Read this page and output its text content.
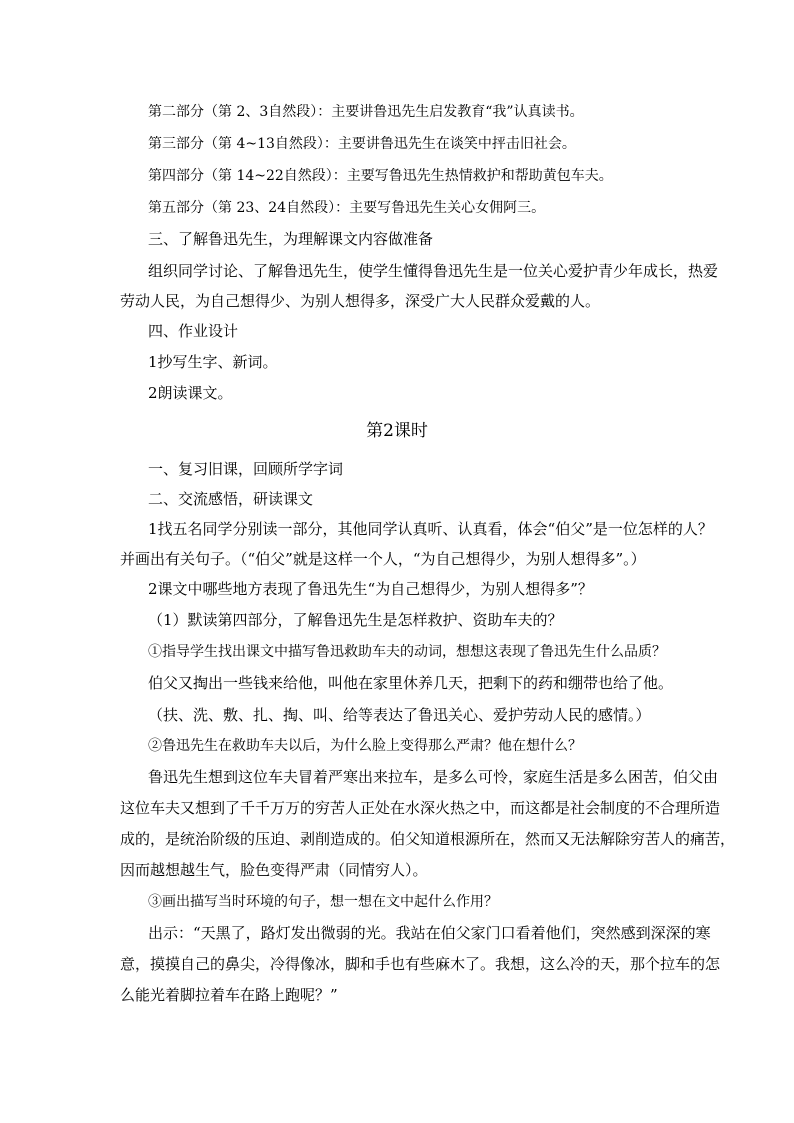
第二部分（第 2、3自然段）：主要讲鲁迅先生启发教育“我”认真读书。
第三部分（第 4~13自然段）：主要讲鲁迅先生在谈笑中抨击旧社会。
第四部分（第 14~22自然段）：主要写鲁迅先生热情救护和帮助黄包车夫。
第五部分（第 23、24自然段）：主要写鲁迅先生关心女佣阿三。
三、了解鲁迅先生，为理解课文内容做准备
组织同学讨论、了解鲁迅先生，使学生懂得鲁迅先生是一位关心爱护青少年成长，热爱
劳动人民，为自己想得少、为别人想得多，深受广大人民群众爱戴的人。
四、作业设计
1抄写生字、新词。
2朗读课文。
第2课时
一、复习旧课，回顾所学字词
二、交流感悟，研读课文
1找五名同学分别读一部分，其他同学认真听、认真看，体会“伯父”是一位怎样的人？
并画出有关句子。（“伯父”就是这样一个人，“为自己想得少，为别人想得多”。）
2课文中哪些地方表现了鲁迅先生“为自己想得少，为别人想得多”？
（1）默读第四部分，了解鲁迅先生是怎样救护、资助车夫的？
①指导学生找出课文中描写鲁迅救助车夫的动词，想想这表现了鲁迅先生什么品质？
伯父又掏出一些钱来给他，叫他在家里休养几天，把剩下的药和绷带也给了他。
（扶、洗、敷、扎、掏、叫、给等表达了鲁迅关心、爱护劳动人民的感情。）
②鲁迅先生在救助车夫以后，为什么脸上变得那么严肃？他在想什么？
鲁迅先生想到这位车夫冒着严寒出来拉车，是多么可怜，家庭生活是多么困苦，伯父由
这位车夫又想到了千千万万的穷苦人正处在水深火热之中，而这都是社会制度的不合理所造
成的，是统治阶级的压迫、剥削造成的。伯父知道根源所在，然而又无法解除穷苦人的痛苦，
因而越想越生气，脸色变得严肃（同情穷人）。
③画出描写当时环境的句子，想一想在文中起什么作用？
出示：“天黑了，路灯发出微弱的光。我站在伯父家门口看着他们，突然感到深深的寒
意，摸摸自己的鼻尖，冷得像冰，脚和手也有些麻木了。我想，这么冷的天，那个拉车的怎
么能光着脚拉着车在路上跑呢？”
